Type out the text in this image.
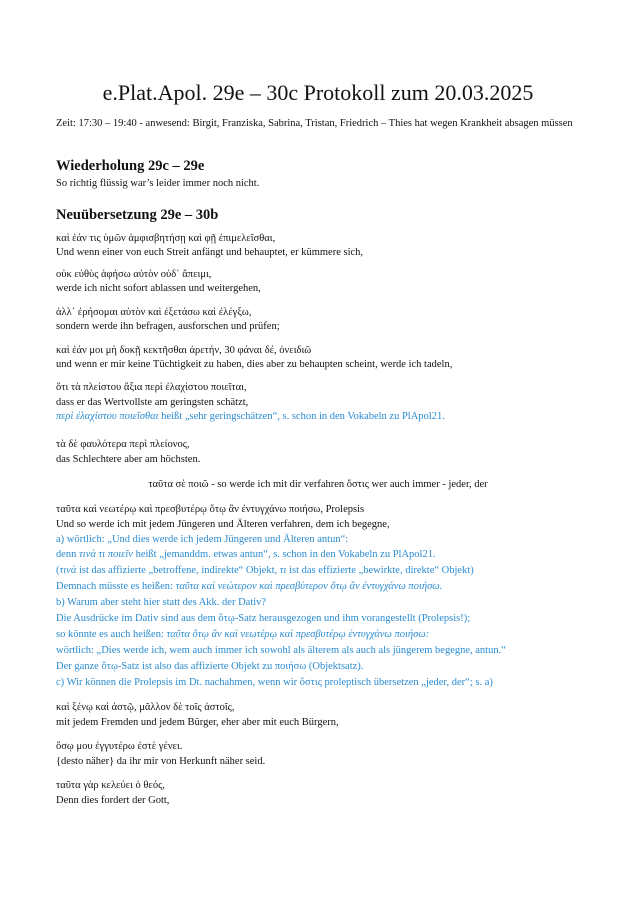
e.Plat.Apol. 29e – 30c Protokoll zum 20.03.2025
Zeit: 17:30 – 19:40 - anwesend: Birgit, Franziska, Sabrina, Tristan, Friedrich – Thies hat wegen Krankheit absagen müssen
Wiederholung 29c – 29e
So richtig flüssig war’s leider immer noch nicht.
Neuübersetzung 29e – 30b
καὶ ἐάν τις ὑμῶν ἀμφισβητήσῃ καὶ φῇ ἐπιμελεῖσθαι,
Und wenn einer von euch Streit anfängt und behauptet, er kümmere sich,
οὐκ εὐθὺς ἀφήσω αὐτὸν οὐδ᾽ ἄπειμι,
werde ich nicht sofort ablassen und weitergehen,
ἀλλ᾽ ἐρήσομαι αὐτὸν καὶ ἐξετάσω καὶ ἐλέγξω,
sondern werde ihn befragen, ausforschen und prüfen;
καὶ ἐάν μοι μὴ δοκῇ κεκτῆσθαι ἀρετήν, 30 φάναι δέ, ὀνειδιῶ
und wenn er mir keine Tüchtigkeit zu haben, dies aber zu behaupten scheint, werde ich tadeln,
ὅτι τὰ πλείστου ἄξια περὶ ἐλαχίστου ποιεῖται,
dass er das Wertvollste am geringsten schätzt,
περὶ ἐλαχίστου ποιεῖσθαι heißt „sehr geringschätzen“, s. schon in den Vokabeln zu PlApol21.
τὰ δὲ φαυλότερα περὶ πλείονος,
das Schlechtere aber am höchsten.
ταῦτα σὲ ποιῶ - so werde ich mit dir verfahren ὅστις wer auch immer - jeder, der
ταῦτα καὶ νεωτέρῳ καὶ πρεσβυτέρῳ ὅτῳ ἂν ἐντυγχάνω ποιήσω, Prolepsis
Und so werde ich mit jedem Jüngeren und Älteren verfahren, dem ich begegne,
a) wörtlich: „Und dies werde ich jedem Jüngeren und Älteren antun“:
denn τινὰ τι ποιεῖν heißt „jemanddm. etwas antun“, s. schon in den Vokabeln zu PlApol21.
(τινὰ ist das affizierte „betroffene, indirekte“ Objekt, τι ist das effizierte „bewirkte, direkte“ Objekt)
Demnach müsste es heißen: ταῦτα καὶ νεώτερον καὶ πρεσβύτερον ὅτῳ ἂν ἐντυγχάνω ποιήσω.
b) Warum aber steht hier statt des Akk. der Dativ?
Die Ausdrücke im Dativ sind aus dem ὅτῳ-Satz herausgezogen und ihm vorangestellt (Prolepsis!);
so könnte es auch heißen: ταῦτα ὅτῳ ἂν καὶ νεωτέρῳ καὶ πρεσβυτέρῳ ἐντυγχάνω ποιήσω:
wörtlich: „Dies werde ich, wem auch immer ich sowohl als älterem als auch als jüngerem begegne, antun.“
Der ganze ὅτῳ-Satz ist also das affizierte Objekt zu ποιήσω (Objektsatz).
c) Wir können die Prolepsis im Dt. nachahmen, wenn wir ὅστις proleptisch übersetzen „jeder, der“; s. a)
καὶ ξένῳ καὶ ἀστῷ, μᾶλλον δὲ τοῖς ἀστοῖς,
mit jedem Fremden und jedem Bürger, eher aber mit euch Bürgern,
ὅσῳ μου ἐγγυτέρω ἐστὲ γένει.
{desto näher} da ihr mir von Herkunft näher seid.
ταῦτα γὰρ κελεύει ὁ θεός,
Denn dies fordert der Gott,
